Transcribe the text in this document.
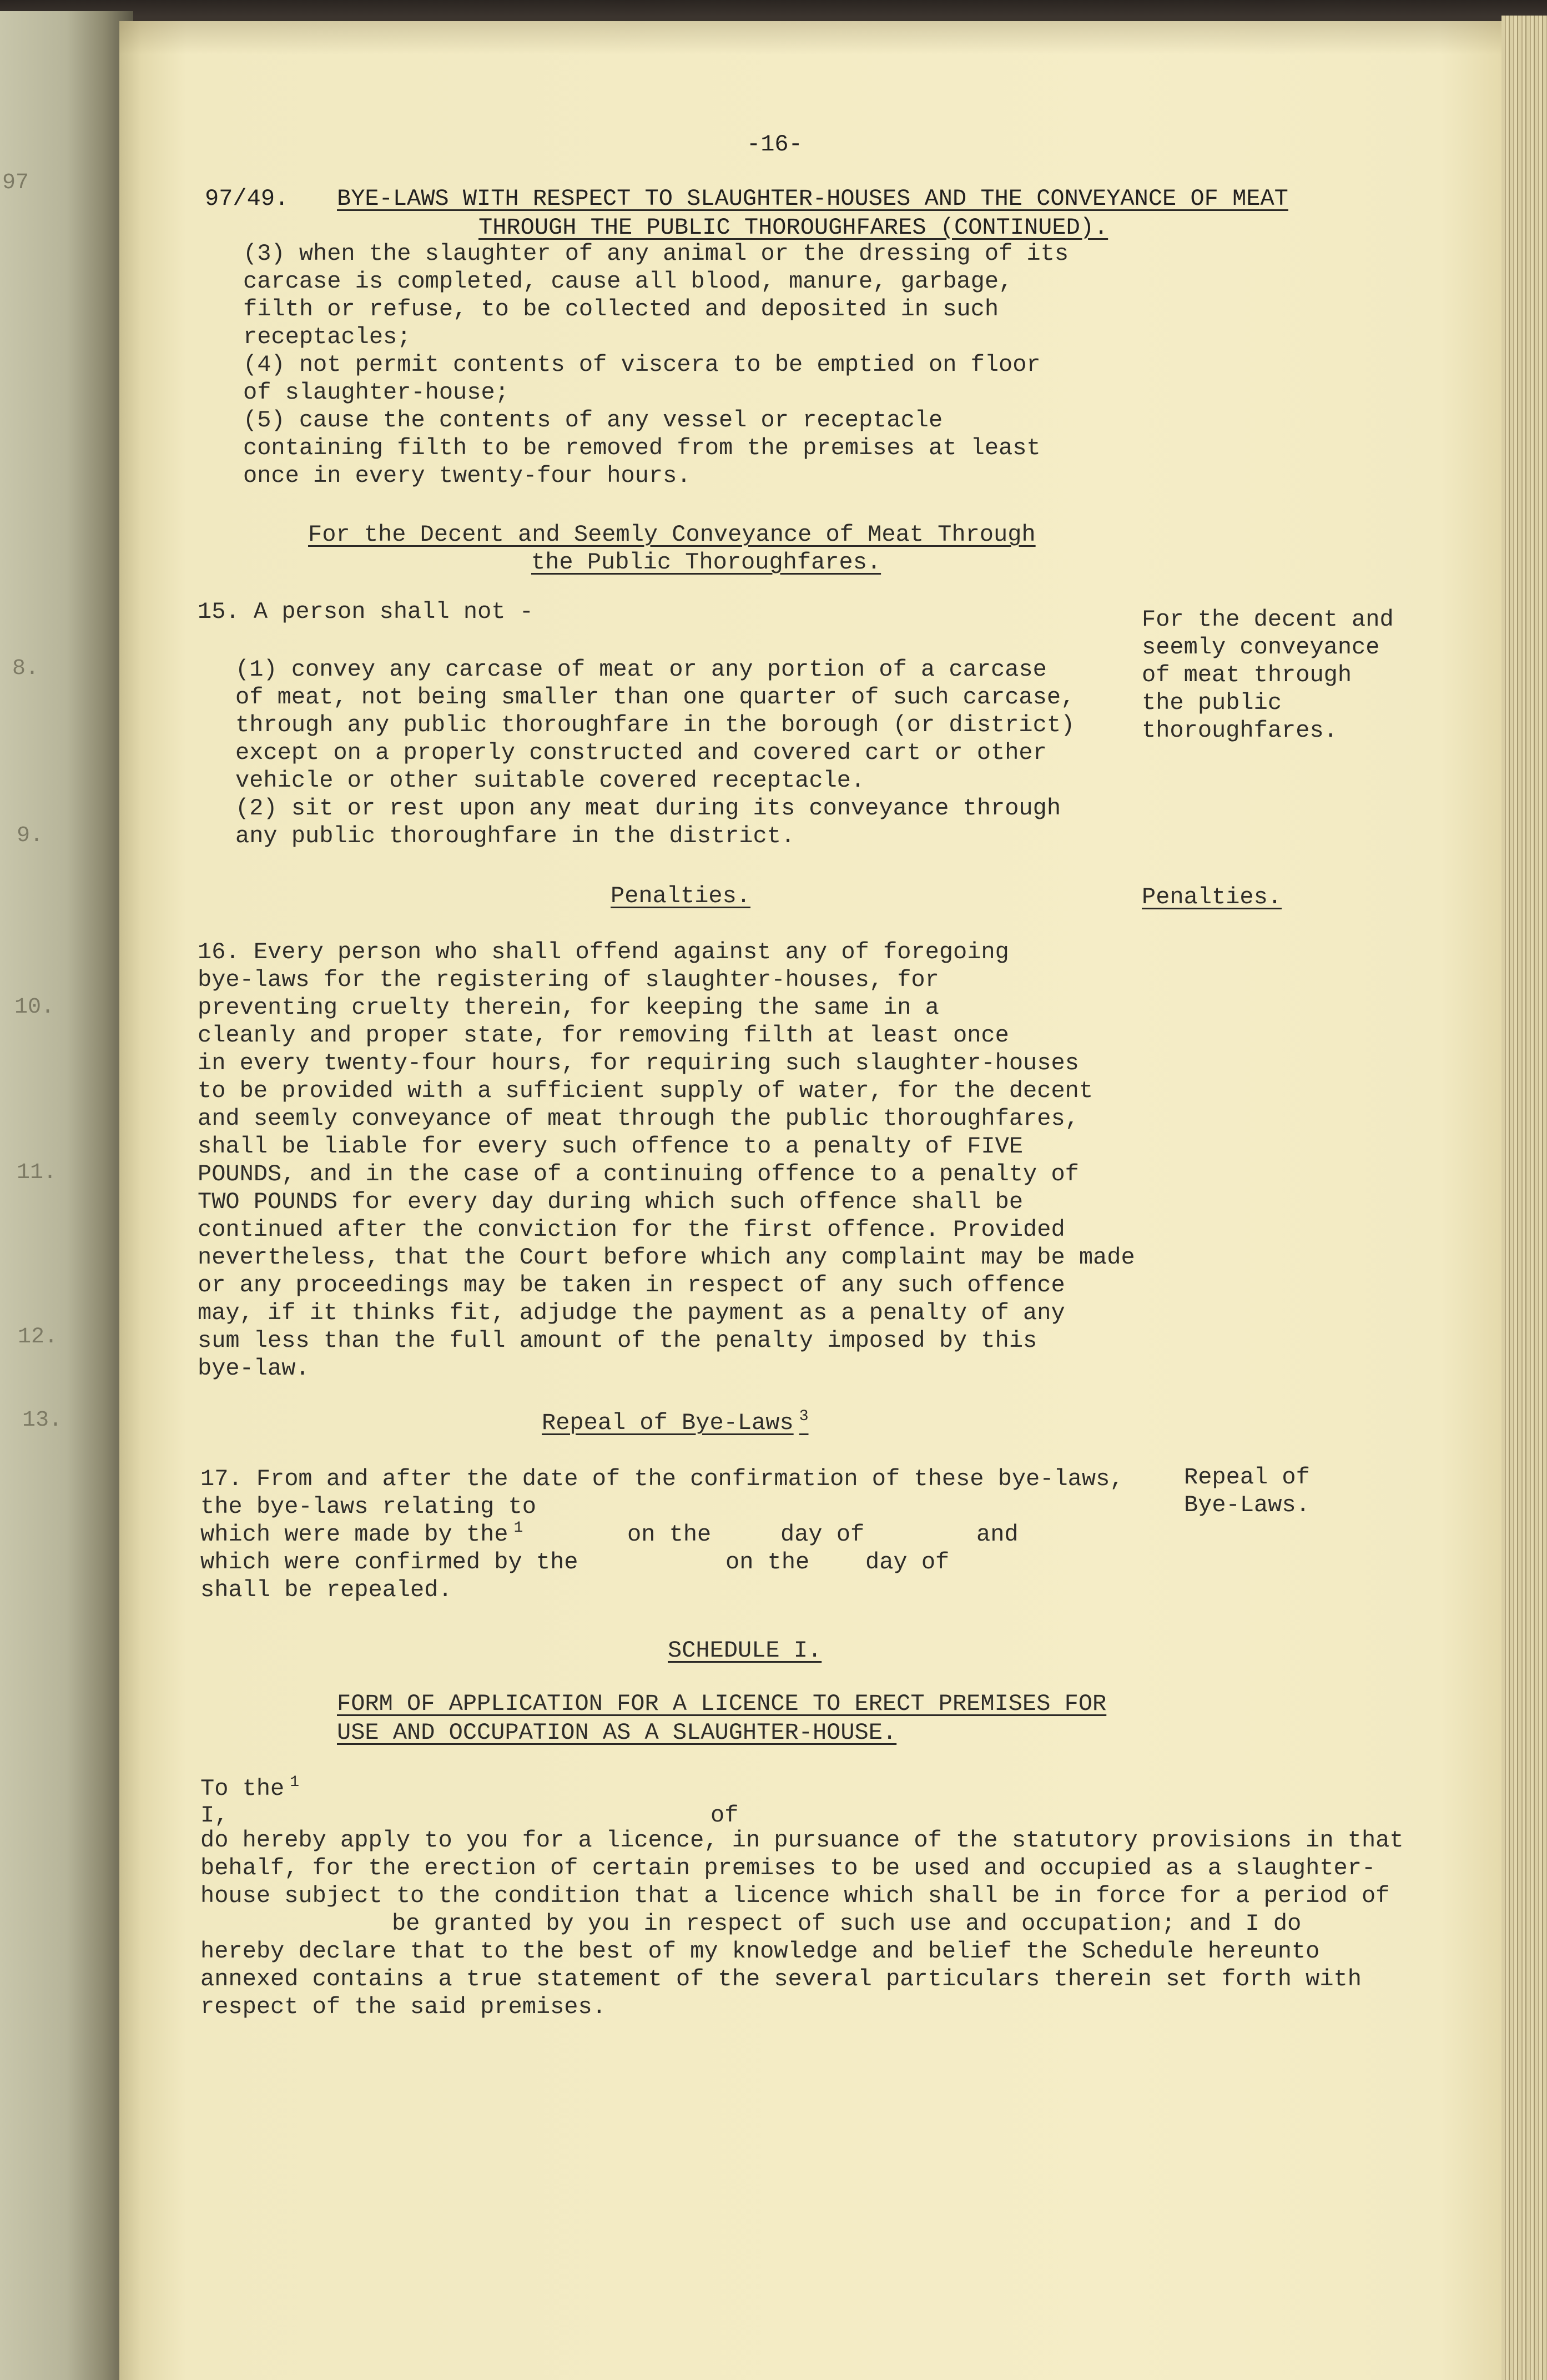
97
8.
9.
10.
11.
12.
13.
-16-
97/49. BYE-LAWS WITH RESPECT TO SLAUGHTER-HOUSES AND THE CONVEYANCE OF MEAT
THROUGH THE PUBLIC THOROUGHFARES (CONTINUED).
(3) when the slaughter of any animal or the dressing of its
carcase is completed, cause all blood, manure, garbage,
filth or refuse, to be collected and deposited in such
receptacles;
(4) not permit contents of viscera to be emptied on floor
of slaughter-house;
(5) cause the contents of any vessel or receptacle
containing filth to be removed from the premises at least
once in every twenty-four hours.
For the Decent and Seemly Conveyance of Meat Through
the Public Thoroughfares.
15. A person shall not -	For the decent and
seemly conveyance
of meat through
the public
thoroughfares.
(1) convey any carcase of meat or any portion of a carcase
of meat, not being smaller than one quarter of such carcase,
through any public thoroughfare in the borough (or district)
except on a properly constructed and covered cart or other
vehicle or other suitable covered receptacle.
(2) sit or rest upon any meat during its conveyance through
any public thoroughfare in the district.
Penalties.	Penalties.
16. Every person who shall offend against any of foregoing
bye-laws for the registering of slaughter-houses, for
preventing cruelty therein, for keeping the same in a
cleanly and proper state, for removing filth at least once
in every twenty-four hours, for requiring such slaughter-houses
to be provided with a sufficient supply of water, for the decent
and seemly conveyance of meat through the public thoroughfares,
shall be liable for every such offence to a penalty of FIVE
POUNDS, and in the case of a continuing offence to a penalty of
TWO POUNDS for every day during which such offence shall be
continued after the conviction for the first offence. Provided
nevertheless, that the Court before which any complaint may be made
or any proceedings may be taken in respect of any such offence
may, if it thinks fit, adjudge the payment as a penalty of any
sum less than the full amount of the penalty imposed by this
bye-law.
Repeal of Bye-Laws $^3$
17. From and after the date of the confirmation of these bye-laws,
the bye-laws relating to
which were made by the $^1$	on the	day of	and
which were confirmed by the	on the day of
shall be repealed.
Repeal of
Bye-Laws.
SCHEDULE I.
FORM OF APPLICATION FOR A LICENCE TO ERECT PREMISES FOR
USE AND OCCUPATION AS A SLAUGHTER-HOUSE.
To the $^1$
I,	of
do hereby apply to you for a licence, in pursuance of the statutory provisions in that
behalf, for the erection of certain premises to be used and occupied as a slaughter-
house subject to the condition that a licence which shall be in force for a period of
be granted by you in respect of such use and occupation; and I do
hereby declare that to the best of my knowledge and belief the Schedule hereunto
annexed contains a true statement of the several particulars therein set forth with
respect of the said premises.
